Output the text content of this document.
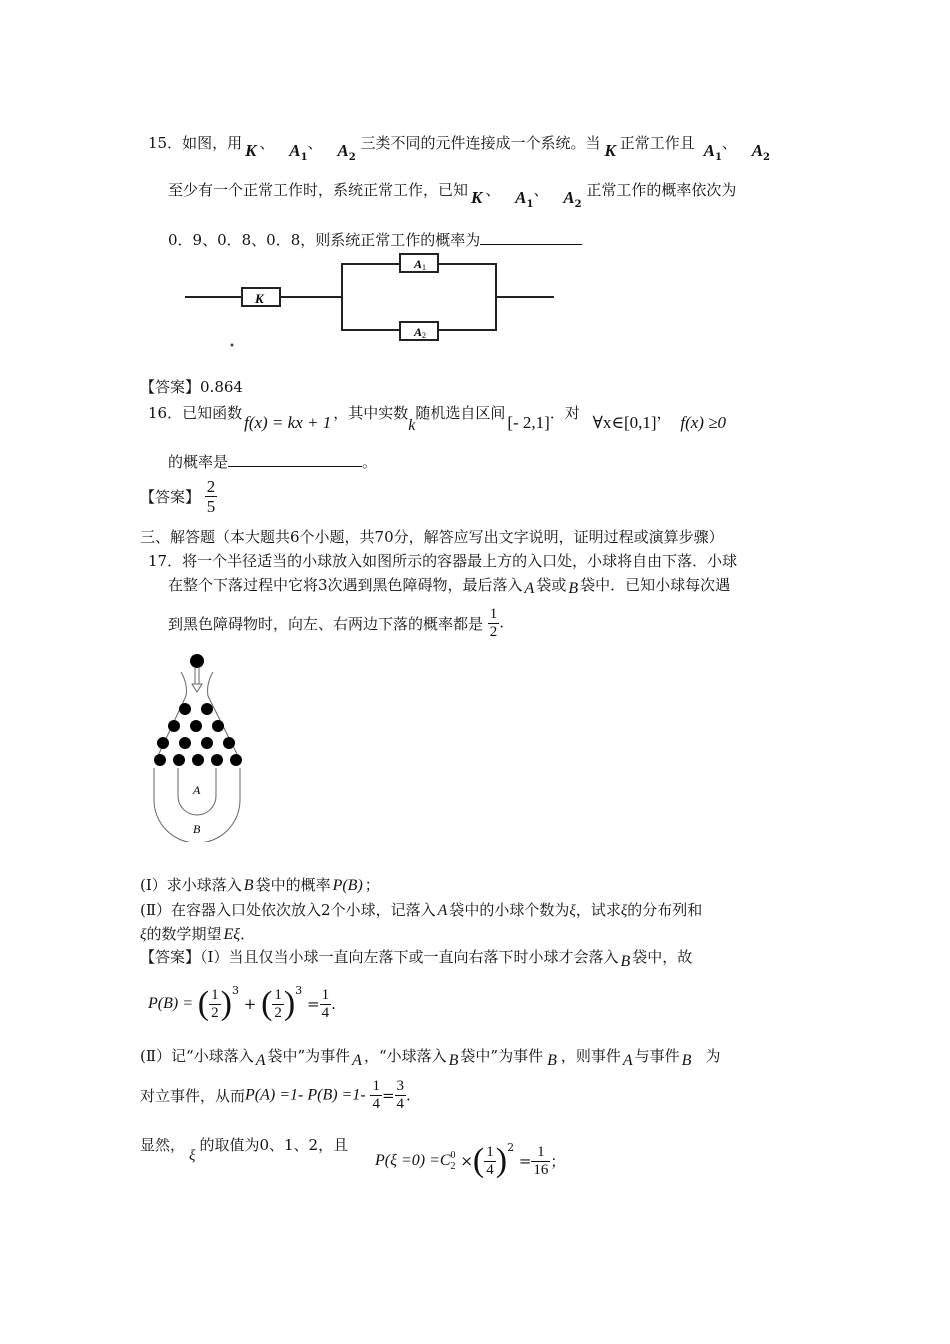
15．如图，用 K 、 $A_1$、 $A_2$ 三类不同的元件连接成一个系统。当 K 正常工作且 $A_1$、 $A_2$
至少有一个正常工作时，系统正常工作，已知 K 、 $A_1$、 $A_2$ 正常工作的概率依次为
0．9、0．8、0．8，则系统正常工作的概率为
K
A 1
A 2
【答案】0.864
16．已知函数 f(x) = kx + 1 ，其中实数k随机选自区间 [- 2,1]．对 ∀x∈[0,1]， f(x) ≥0
的概率是	。
【答案】 $\frac{2}{5}$
三、解答题（本大题共6个小题，共70分，解答应写出文字说明，证明过程或演算步骤）
17．将一个半径适当的小球放入如图所示的容器最上方的入口处，小球将自由下落．小球
在整个下落过程中它将3次遇到黑色障碍物，最后落入 A 袋或 B 袋中．已知小球每次遇
到黑色障碍物时，向左、右两边下落的概率都是 $\frac{1}{2}$ .
A
B
(I）求小球落入 B 袋中的概率 P(B) ；
(Ⅱ）在容器入口处依次放入2个小球，记落入 A 袋中的小球个数为ξ，试求ξ的分布列和
ξ的数学期望 Eξ．
【答案】（Ⅰ）当且仅当小球一直向左落下或一直向右落下时小球才会落入 B 袋中，故
P(B) = ( $\frac{1}{2} )^3$ + ( $\frac{1}{2} )^3 = \frac{1}{4}$ .
(Ⅱ）记“小球落入 A 袋中”为事件 A ，“小球落入 B 袋中”为事件 B ，则事件 A 与事件 B 为
对立事件，从而P(A) =1- $P(B) =1- \frac{1}{4} = \frac{3}{4}$ .
显然，ξ的取值为0、1、2，且
P(ξ =0) =C 0
2 ×( $\frac{1}{4} )^2 = \frac{1}{16}$ ；
